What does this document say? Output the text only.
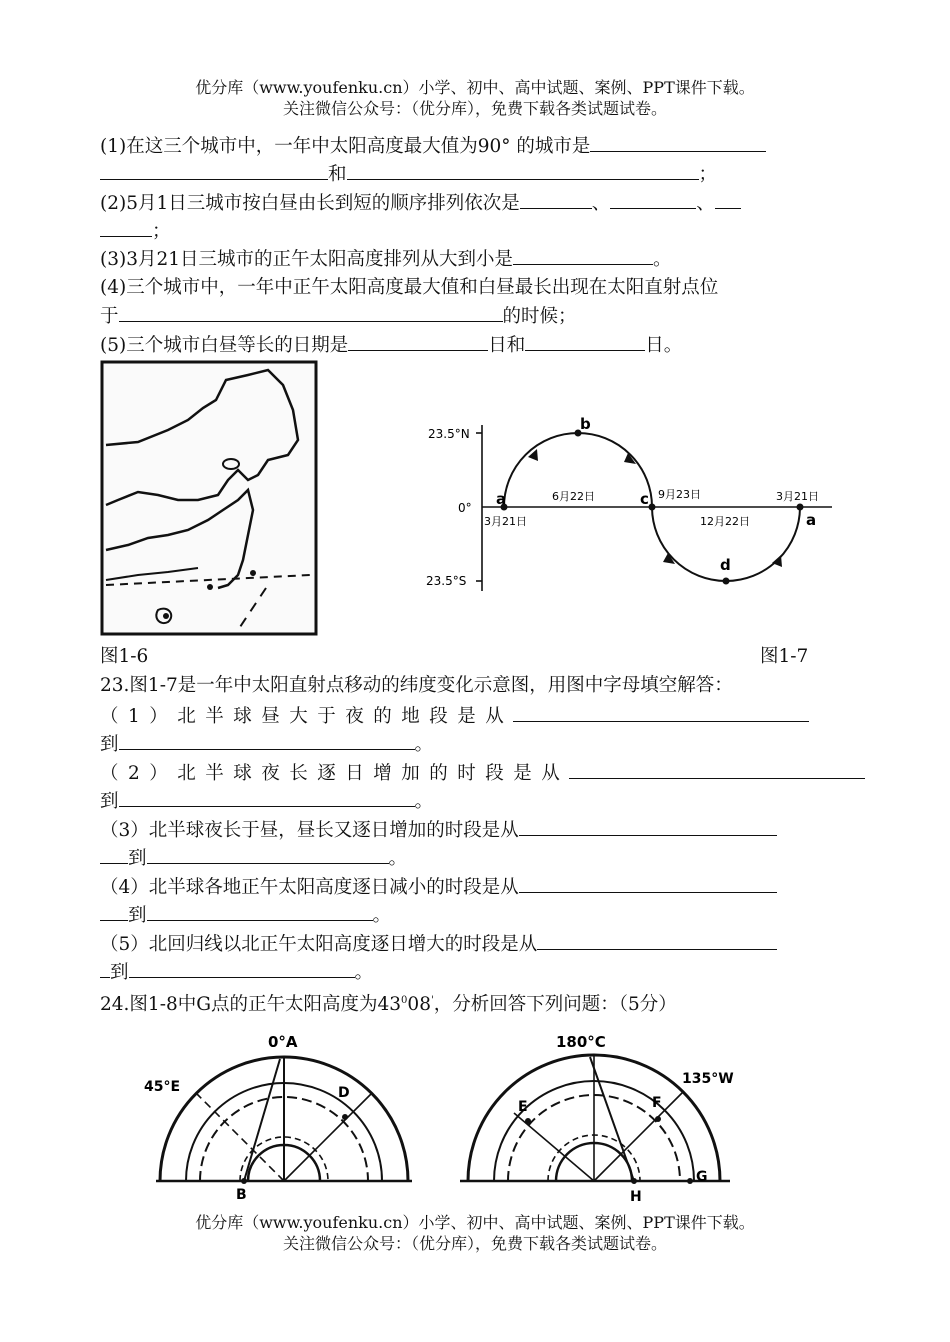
优分库（www.youfenku.cn）小学、初中、高中试题、案例、PPT课件下载。
关注微信公众号：（优分库），免费下载各类试题试卷。
(1)在这三个城市中，一年中太阳高度最大值为90° 的城市是
和	；
(2)5月1日三城市按白昼由长到短的顺序排列依次是	、	、
；
(3)3月21日三城市的正午太阳高度排列从大到小是	。
(4)三个城市中，一年中正午太阳高度最大值和白昼最长出现在太阳直射点位
于	的时候；
(5)三个城市白昼等长的日期是	日和	日。
23.5°N
0°
23.5°S
a
b
c
d
a
3月21日
6月22日	9月23日
12月22日
3月21日
图1-6	图1-7
23.图1-7是一年中太阳直射点移动的纬度变化示意图，用图中字母填空解答：
（1）北半球昼大于夜的地段是从
到	。
（2）北半球夜长逐日增加的时段是从
到	。
（3）北半球夜长于昼，昼长又逐日增加的时段是从
到	。
（4）北半球各地正午太阳高度逐日减小的时段是从
到	。
（5）北回归线以北正午太阳高度逐日增大的时段是从
到	。
24.图1-8中G点的正午太阳高度为$43^008'$，分析回答下列问题：（5分）
0°A
45°E	D
B
180°C
135°W
E	F
G
H
优分库（www.youfenku.cn）小学、初中、高中试题、案例、PPT课件下载。
关注微信公众号：（优分库），免费下载各类试题试卷。
